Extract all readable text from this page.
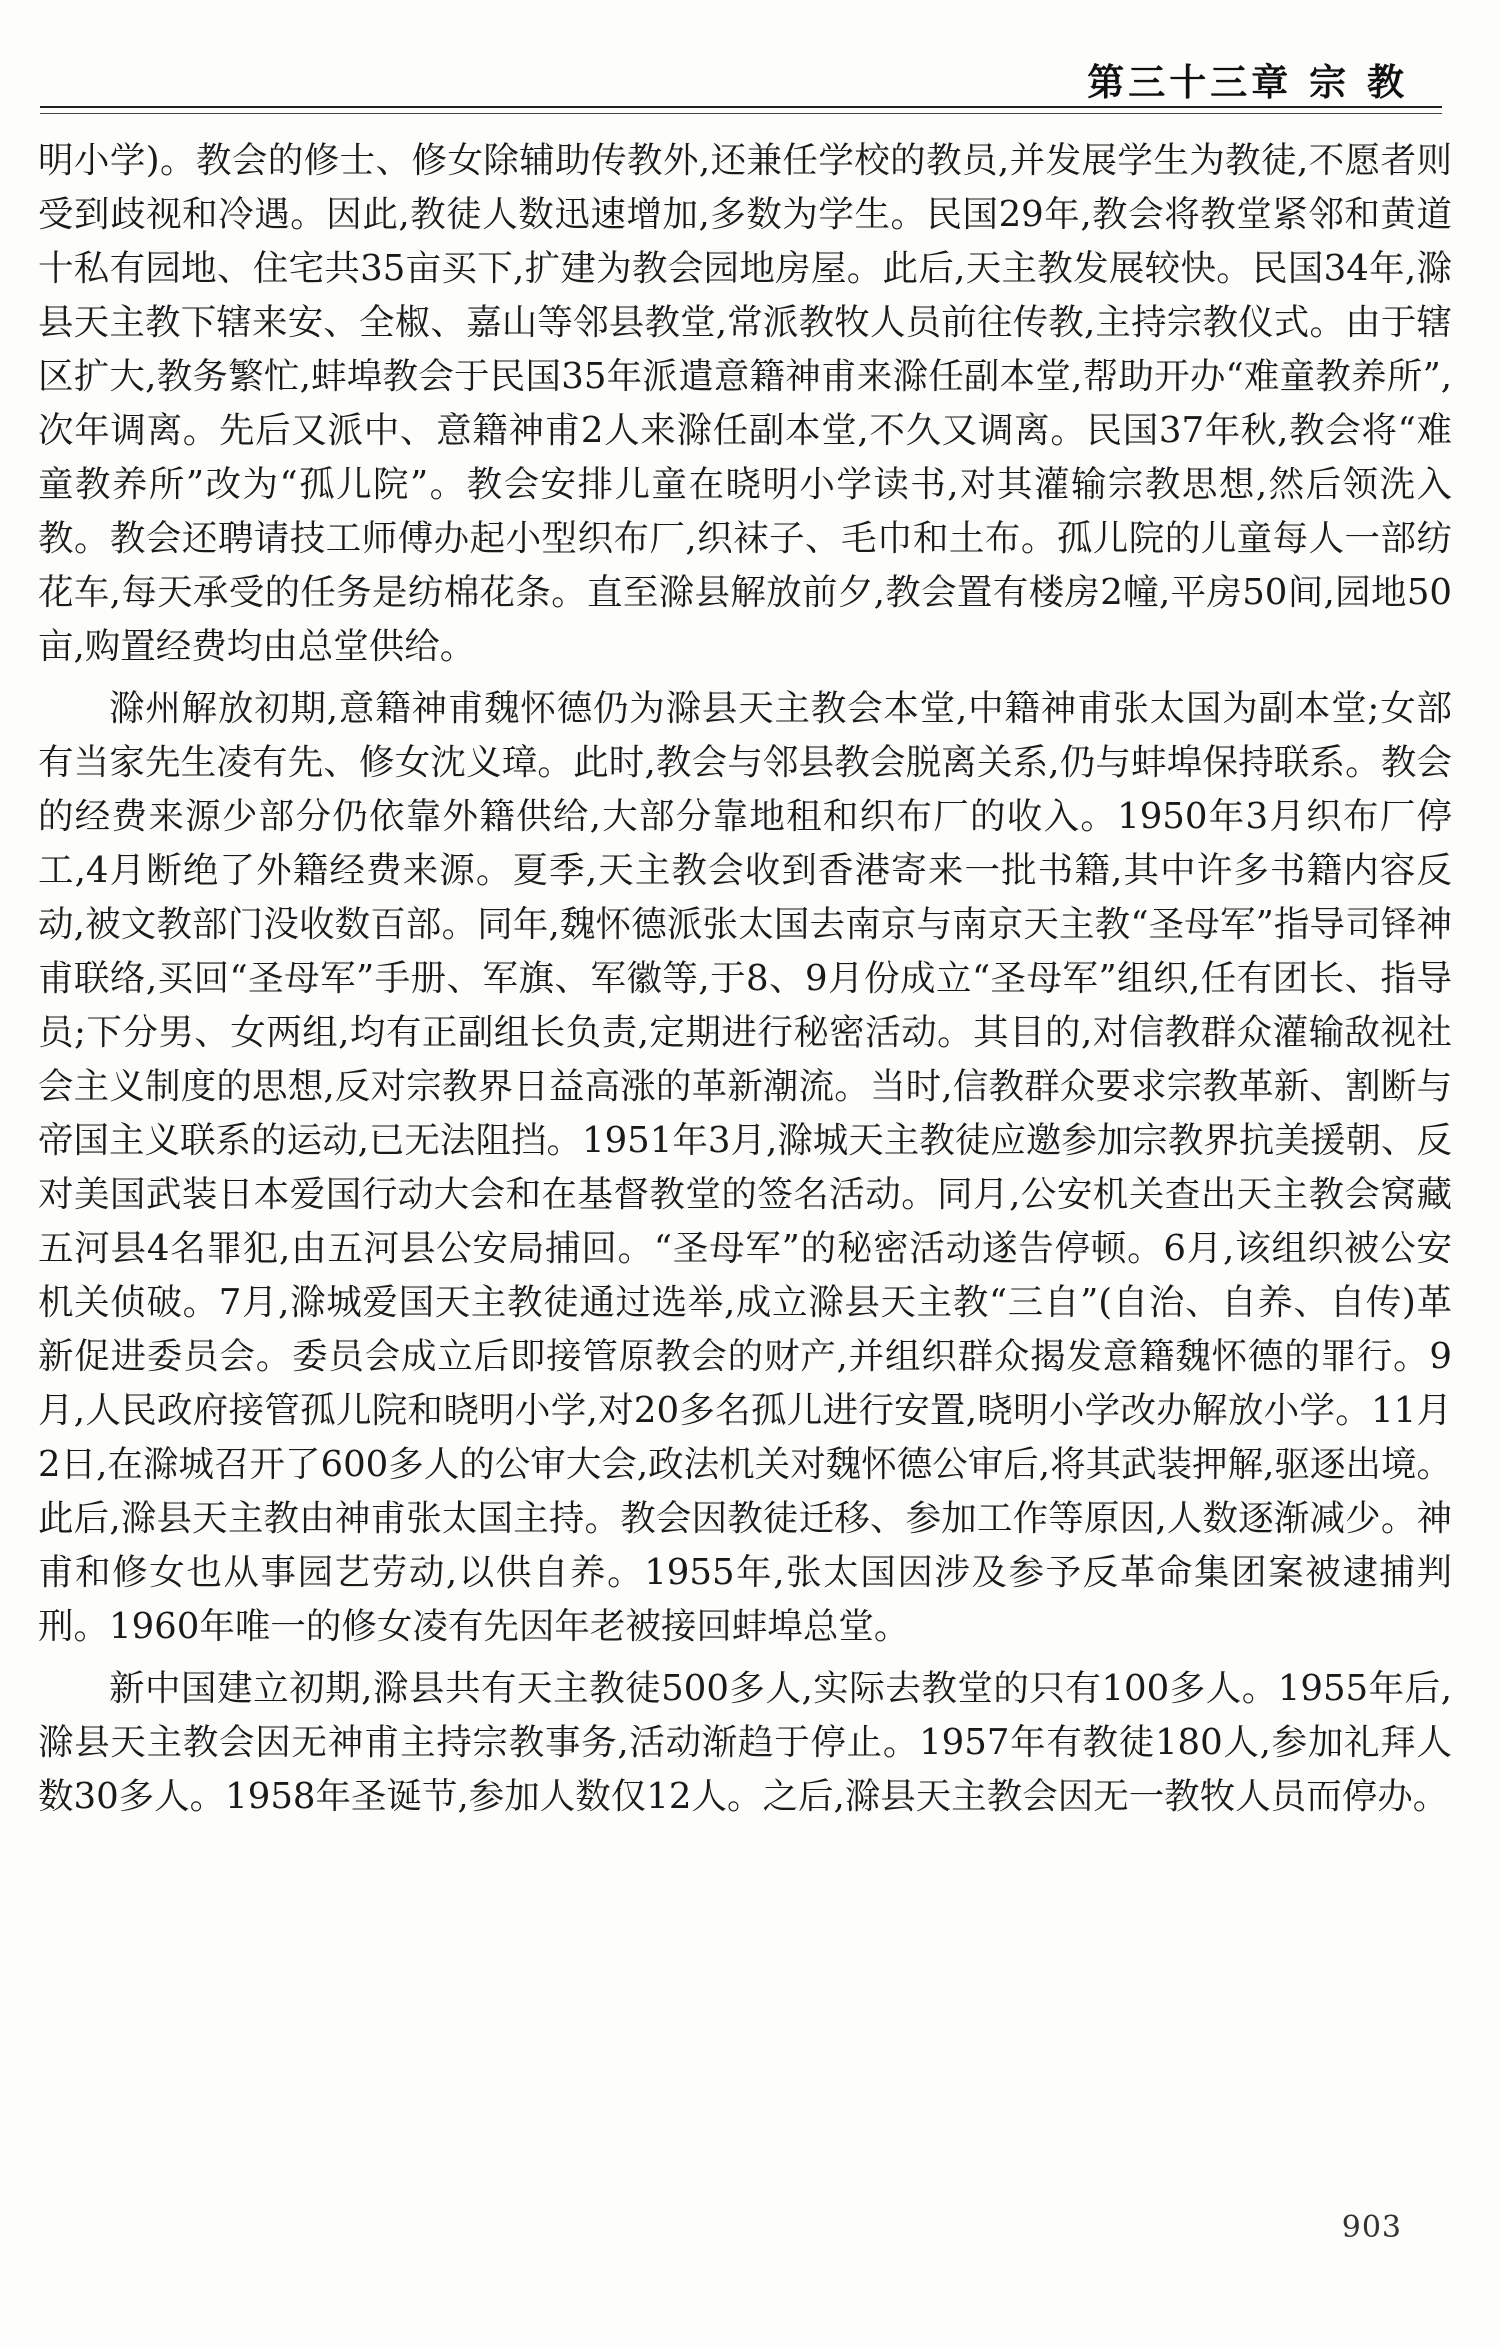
第三十三章 宗 教

明小学)。教会的修士、修女除辅助传教外,还兼任学校的教员,并发展学生为教徒,不愿者则受到歧视和冷遇。因此,教徒人数迅速增加,多数为学生。民国29年,教会将教堂紧邻和黄道十私有园地、住宅共35亩买下,扩建为教会园地房屋。此后,天主教发展较快。民国34年,滁县天主教下辖来安、全椒、嘉山等邻县教堂,常派教牧人员前往传教,主持宗教仪式。由于辖区扩大,教务繁忙,蚌埠教会于民国35年派遣意籍神甫来滁任副本堂,帮助开办“难童教养所”,次年调离。先后又派中、意籍神甫2人来滁任副本堂,不久又调离。民国37年秋,教会将“难童教养所”改为“孤儿院”。教会安排儿童在晓明小学读书,对其灌输宗教思想,然后领洗入教。教会还聘请技工师傅办起小型织布厂,织袜子、毛巾和土布。孤儿院的儿童每人一部纺花车,每天承受的任务是纺棉花条。直至滁县解放前夕,教会置有楼房2幢,平房50间,园地50亩,购置经费均由总堂供给。

滁州解放初期,意籍神甫魏怀德仍为滁县天主教会本堂,中籍神甫张太国为副本堂;女部有当家先生凌有先、修女沈义璋。此时,教会与邻县教会脱离关系,仍与蚌埠保持联系。教会的经费来源少部分仍依靠外籍供给,大部分靠地租和织布厂的收入。1950年3月织布厂停工,4月断绝了外籍经费来源。夏季,天主教会收到香港寄来一批书籍,其中许多书籍内容反动,被文教部门没收数百部。同年,魏怀德派张太国去南京与南京天主教“圣母军”指导司铎神甫联络,买回“圣母军”手册、军旗、军徽等,于8、9月份成立“圣母军”组织,任有团长、指导员;下分男、女两组,均有正副组长负责,定期进行秘密活动。其目的,对信教群众灌输敌视社会主义制度的思想,反对宗教界日益高涨的革新潮流。当时,信教群众要求宗教革新、割断与帝国主义联系的运动,已无法阻挡。1951年3月,滁城天主教徒应邀参加宗教界抗美援朝、反对美国武装日本爱国行动大会和在基督教堂的签名活动。同月,公安机关查出天主教会窝藏五河县4名罪犯,由五河县公安局捕回。“圣母军”的秘密活动遂告停顿。6月,该组织被公安机关侦破。7月,滁城爱国天主教徒通过选举,成立滁县天主教“三自”(自治、自养、自传)革新促进委员会。委员会成立后即接管原教会的财产,并组织群众揭发意籍魏怀德的罪行。9月,人民政府接管孤儿院和晓明小学,对20多名孤儿进行安置,晓明小学改办解放小学。11月2日,在滁城召开了600多人的公审大会,政法机关对魏怀德公审后,将其武装押解,驱逐出境。此后,滁县天主教由神甫张太国主持。教会因教徒迁移、参加工作等原因,人数逐渐减少。神甫和修女也从事园艺劳动,以供自养。1955年,张太国因涉及参予反革命集团案被逮捕判刑。1960年唯一的修女凌有先因年老被接回蚌埠总堂。

新中国建立初期,滁县共有天主教徒500多人,实际去教堂的只有100多人。1955年后,滁县天主教会因无神甫主持宗教事务,活动渐趋于停止。1957年有教徒180人,参加礼拜人数30多人。1958年圣诞节,参加人数仅12人。之后,滁县天主教会因无一教牧人员而停办。

903
